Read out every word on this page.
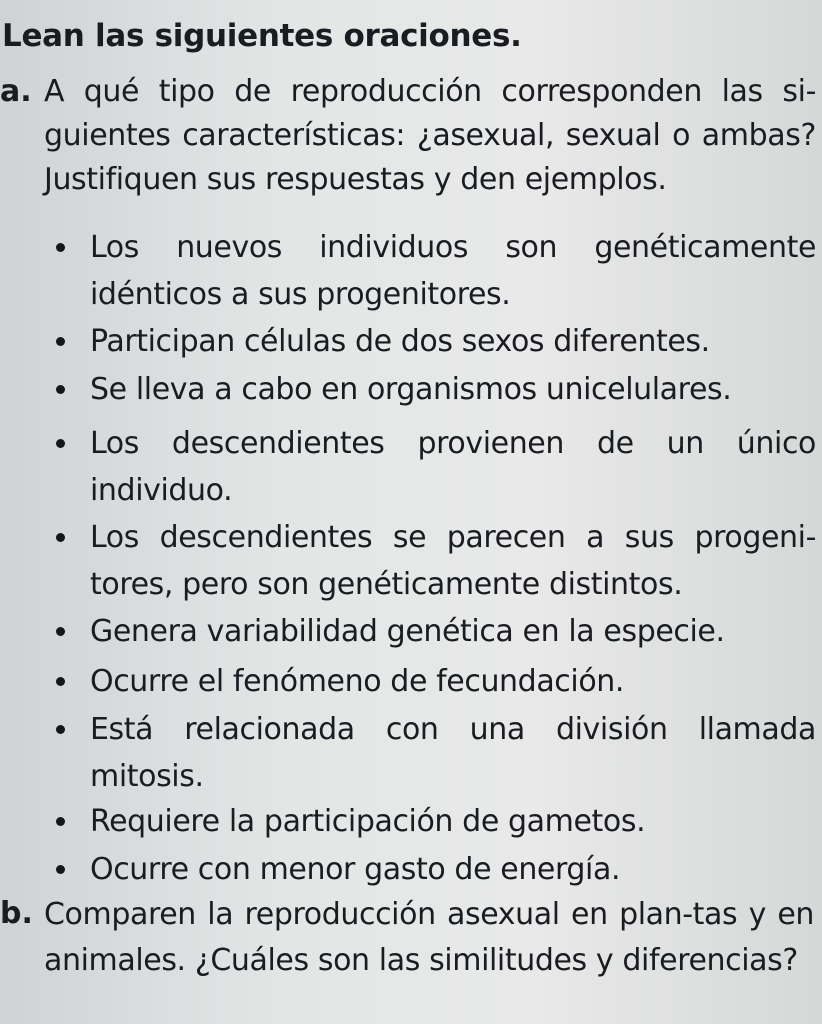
Lean las siguientes oraciones.
a. A qué tipo de reproducción corresponden las si-guientes características: ¿asexual, sexual o ambas? Justifiquen sus respuestas y den ejemplos.
Los nuevos individuos son genéticamente idénticos a sus progenitores.
Participan células de dos sexos diferentes.
Se lleva a cabo en organismos unicelulares.
Los descendientes provienen de un único individuo.
Los descendientes se parecen a sus progeni-tores, pero son genéticamente distintos.
Genera variabilidad genética en la especie.
Ocurre el fenómeno de fecundación.
Está relacionada con una división llamada mitosis.
Requiere la participación de gametos.
Ocurre con menor gasto de energía.
b. Comparen la reproducción asexual en plan-tas y en animales. ¿Cuáles son las similitudes y diferencias?
